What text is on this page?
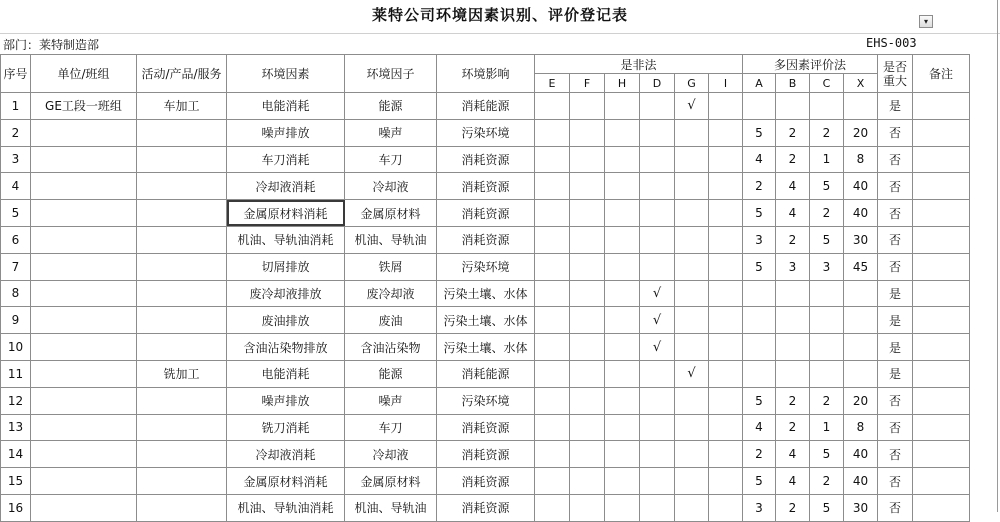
莱特公司环境因素识别、评价登记表	▾
部门：莱特制造部	EHS-003
序号	单位/班组	活动/产品/服务	环境因素	环境因子	环境影响	是非法						多因素评价法				是否重大	备注
						E	F	H	D	G	I	A	B	C	X		
1	GE工段一班组	车加工	电能消耗	能源	消耗能源					√						是	
2			噪声排放	噪声	污染环境							5	2	2	20	否	
3			车刀消耗	车刀	消耗资源							4	2	1	8	否	
4			冷却液消耗	冷却液	消耗资源							2	4	5	40	否	
5			金属原材料消耗	金属原材料	消耗资源							5	4	2	40	否	
6			机油、导轨油消耗	机油、导轨油	消耗资源							3	2	5	30	否	
7			切屑排放	铁屑	污染环境							5	3	3	45	否	
8			废冷却液排放	废冷却液	污染土壤、水体				√							是	
9			废油排放	废油	污染土壤、水体				√							是	
10			含油沾染物排放	含油沾染物	污染土壤、水体				√							是	
11		铣加工	电能消耗	能源	消耗能源					√						是	
12			噪声排放	噪声	污染环境							5	2	2	20	否	
13			铣刀消耗	车刀	消耗资源							4	2	1	8	否	
14			冷却液消耗	冷却液	消耗资源							2	4	5	40	否	
15			金属原材料消耗	金属原材料	消耗资源							5	4	2	40	否	
16			机油、导轨油消耗	机油、导轨油	消耗资源							3	2	5	30	否	
